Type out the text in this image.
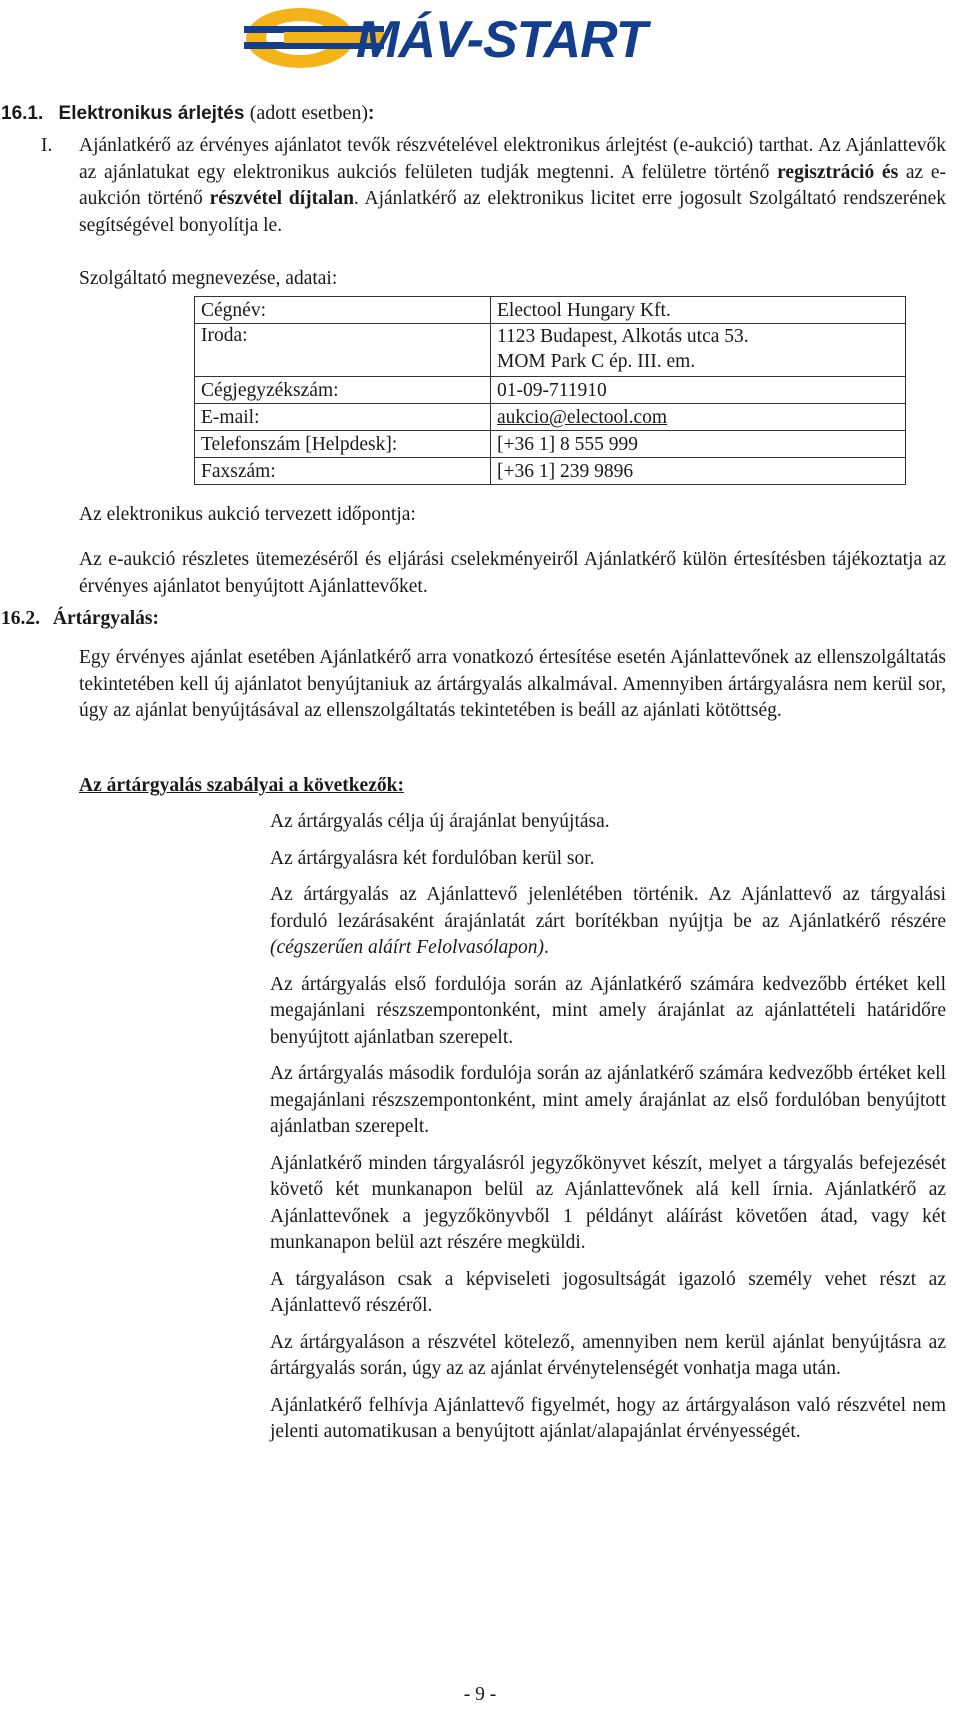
MÁV-START
16.1. Elektronikus árlejtés (adott esetben):
I. Ajánlatkérő az érvényes ajánlatot tevők részvételével elektronikus árlejtést (e-aukció) tarthat. Az Ajánlattevők az ajánlatukat egy elektronikus aukciós felületen tudják megtenni. A felületre történő regisztráció és az e-aukción történő részvétel díjtalan. Ajánlatkérő az elektronikus licitet erre jogosult Szolgáltató rendszerének segítségével bonyolítja le.

Szolgáltató megnevezése, adatai:
Cégnév:	Electool Hungary Kft.
Iroda:	1123 Budapest, Alkotás utca 53.
MOM Park C ép. III. em.

Cégjegyzékszám:	01-09-711910
E-mail:	aukcio@electool.com
Telefonszám [Helpdesk]:	[+36 1] 8 555 999
Faxszám:	[+36 1] 239 9896
Az elektronikus aukció tervezett időpontja:

Az e-aukció részletes ütemezéséről és eljárási cselekményeiről Ajánlatkérő külön értesítésben tájékoztatja az érvényes ajánlatot benyújtott Ajánlattevőket.

16.2. Ártárgyalás:

Egy érvényes ajánlat esetében Ajánlatkérő arra vonatkozó értesítése esetén Ajánlattevőnek az ellenszolgáltatás tekintetében kell új ajánlatot benyújtaniuk az ártárgyalás alkalmával. Amennyiben ártárgyalásra nem kerül sor, úgy az ajánlat benyújtásával az ellenszolgáltatás tekintetében is beáll az ajánlati kötöttség.

Az ártárgyalás szabályai a következők:

Az ártárgyalás célja új árajánlat benyújtása.

Az ártárgyalásra két fordulóban kerül sor.

Az ártárgyalás az Ajánlattevő jelenlétében történik. Az Ajánlattevő az tárgyalási forduló lezárásaként árajánlatát zárt borítékban nyújtja be az Ajánlatkérő részére (cégszerűen aláírt Felolvasólapon).

Az ártárgyalás első fordulója során az Ajánlatkérő számára kedvezőbb értéket kell megajánlani részszempontonként, mint amely árajánlat az ajánlattételi határidőre benyújtott ajánlatban szerepelt.

Az ártárgyalás második fordulója során az ajánlatkérő számára kedvezőbb értéket kell megajánlani részszempontonként, mint amely árajánlat az első fordulóban benyújtott ajánlatban szerepelt.

Ajánlatkérő minden tárgyalásról jegyzőkönyvet készít, melyet a tárgyalás befejezését követő két munkanapon belül az Ajánlattevőnek alá kell írnia. Ajánlatkérő az Ajánlattevőnek a jegyzőkönyvből 1 példányt aláírást követően átad, vagy két munkanapon belül azt részére megküldi.

A tárgyaláson csak a képviseleti jogosultságát igazoló személy vehet részt az Ajánlattevő részéről.

Az ártárgyaláson a részvétel kötelező, amennyiben nem kerül ajánlat benyújtásra az ártárgyalás során, úgy az az ajánlat érvénytelenségét vonhatja maga után.

Ajánlatkérő felhívja Ajánlattevő figyelmét, hogy az ártárgyaláson való részvétel nem jelenti automatikusan a benyújtott ajánlat/alapajánlat érvényességét.

- 9 -
